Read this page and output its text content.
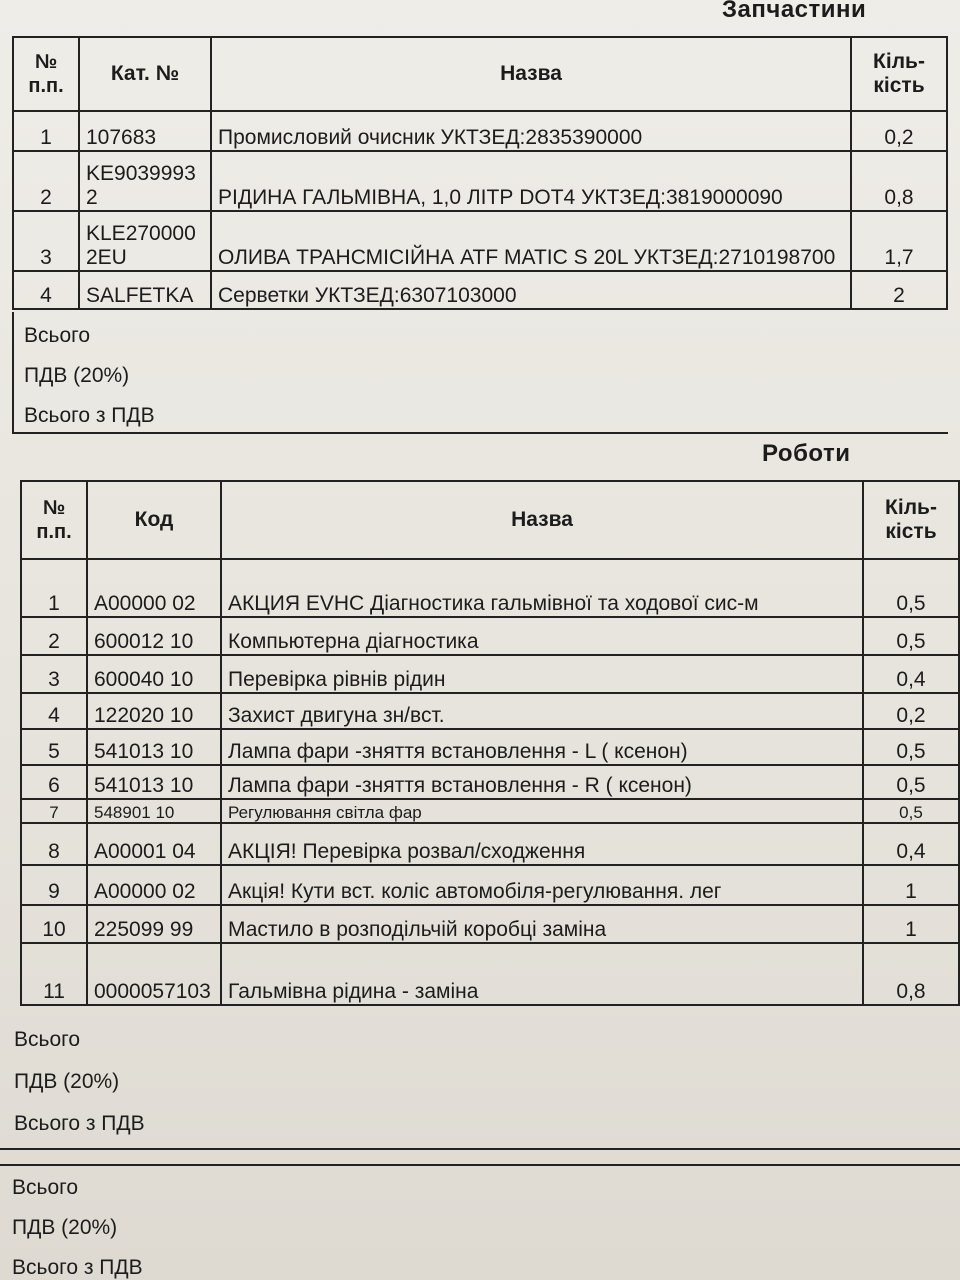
Запчастини
№ п.п.	Кат. №	Назва	Кіль-кість
1	107683	Промисловий очисник УКТЗЕД:2835390000	0,2
2	KE90399932	РІДИНА ГАЛЬМІВНА, 1,0 ЛІТР DOT4 УКТЗЕД:3819000090	0,8
3	KLE2700002EU	ОЛИВА ТРАНСМІСІЙНА ATF MATIC S 20L УКТЗЕД:2710198700	1,7
4	SALFETKA	Серветки УКТЗЕД:6307103000	2
Всього
ПДВ (20%)
Всього з ПДВ
Роботи
№ п.п.	Код	Назва	Кіль-кість
1	A00000 02	АКЦИЯ EVHC Діагностика гальмівної та ходової сис-м	0,5
2	600012 10	Компьютерна діагностика	0,5
3	600040 10	Перевірка рівнів рідин	0,4
4	122020 10	Захист двигуна зн/вст.	0,2
5	541013 10	Лампа фари -зняття встановлення - L ( ксенон)	0,5
6	541013 10	Лампа фари -зняття встановлення - R ( ксенон)	0,5
7	548901 10	Регулювання світла фар	0,5
8	A00001 04	АКЦІЯ! Перевірка розвал/сходження	0,4
9	A00000 02	Акція! Кути вст. коліс автомобіля-регулювання. лег	1
10	225099 99	Мастило в розподільчій коробці заміна	1
11	0000057103	Гальмівна рідина - заміна	0,8
Всього
ПДВ (20%)
Всього з ПДВ
Всього
ПДВ (20%)
Всього з ПДВ
